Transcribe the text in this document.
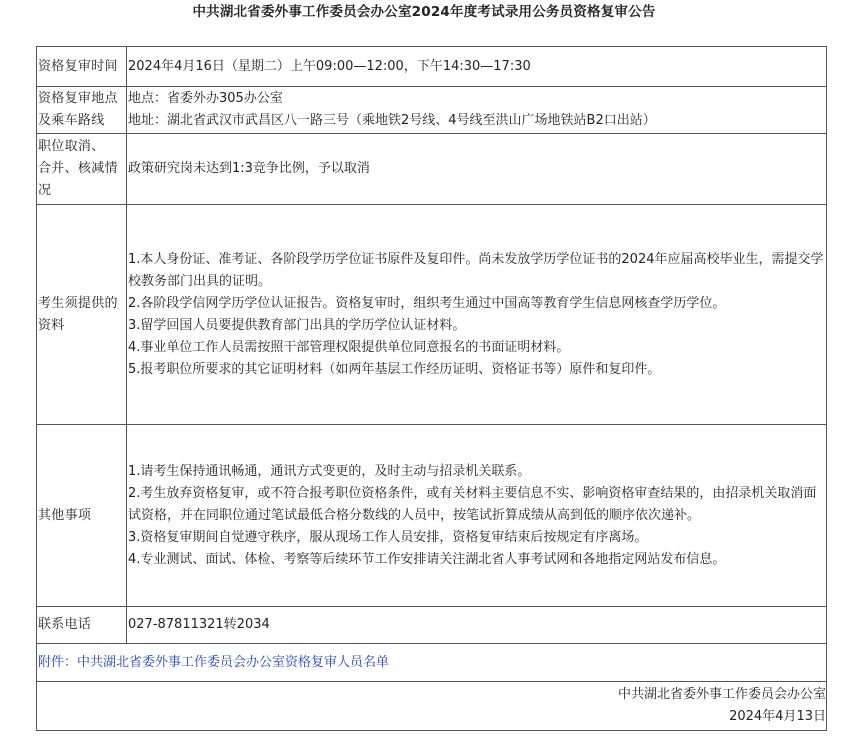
中共湖北省委外事工作委员会办公室2024年度考试录用公务员资格复审公告
资格复审时间	2024年4月16日（星期二）上午09:00—12:00，下午14:30—17:30

资格复审地点
及乘车路线	地点：省委外办305办公室
地址：湖北省武汉市武昌区八一路三号（乘地铁2号线、4号线至洪山广场地铁站B2口出站）

职位取消、
合并、核减情
况	政策研究岗未达到1:3竞争比例，予以取消

考生须提供的
资料	1.本人身份证、准考证、各阶段学历学位证书原件及复印件。尚未发放学历学位证书的2024年应届高校毕业生，需提交学校教务部门出具的证明。
2.各阶段学信网学历学位认证报告。资格复审时，组织考生通过中国高等教育学生信息网核查学历学位。
3.留学回国人员要提供教育部门出具的学历学位认证材料。
4.事业单位工作人员需按照干部管理权限提供单位同意报名的书面证明材料。
5.报考职位所要求的其它证明材料（如两年基层工作经历证明、资格证书等）原件和复印件。

其他事项	1.请考生保持通讯畅通，通讯方式变更的，及时主动与招录机关联系。
2.考生放弃资格复审，或不符合报考职位资格条件，或有关材料主要信息不实、影响资格审查结果的，由招录机关取消面试资格，并在同职位通过笔试最低合格分数线的人员中，按笔试折算成绩从高到低的顺序依次递补。
3.资格复审期间自觉遵守秩序，服从现场工作人员安排，资格复审结束后按规定有序离场。
4.专业测试、面试、体检、考察等后续环节工作安排请关注湖北省人事考试网和各地指定网站发布信息。

联系电话	027-87811321转2034
附件：中共湖北省委外事工作委员会办公室资格复审人员名单	

中共湖北省委外事工作委员会办公室
2024年4月13日	
